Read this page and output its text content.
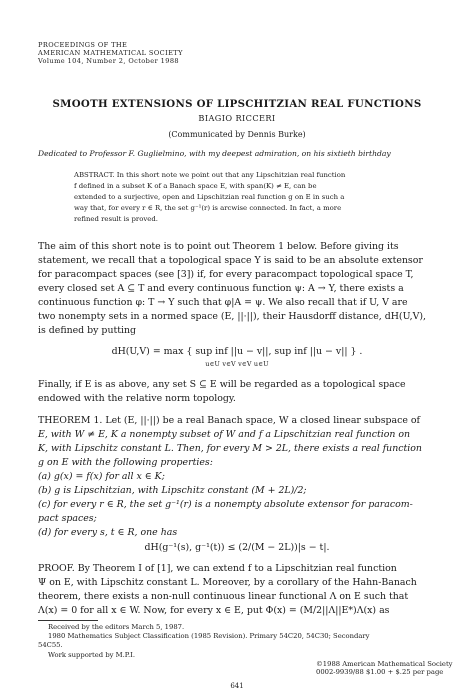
PROCEEDINGS OF THE
AMERICAN MATHEMATICAL SOCIETY
Volume 104, Number 2, October 1988
SMOOTH EXTENSIONS OF LIPSCHITZIAN REAL FUNCTIONS
BIAGIO RICCERI
(Communicated by Dennis Burke)
Dedicated to Professor F. Guglielmino, with my deepest admiration, on his sixtieth birthday
ABSTRACT. In this short note we point out that any Lipschitzian real function
f defined in a subset K of a Banach space E, with span(K) ≠ E, can be
extended to a surjective, open and Lipschitzian real function g on E in such a
way that, for every r ∈ R, the set g⁻¹(r) is arcwise connected. In fact, a more
refined result is proved.
The aim of this short note is to point out Theorem 1 below. Before giving its
statement, we recall that a topological space Y is said to be an absolute extensor
for paracompact spaces (see [3]) if, for every paracompact topological space T,
every closed set A ⊆ T and every continuous function ψ: A → Y, there exists a
continuous function φ: T → Y such that φ|A = ψ. We also recall that if U, V are
two nonempty sets in a normed space (E, ||·||), their Hausdorff distance, dH(U,V),
is defined by putting
dH(U,V) = max { sup inf ||u − v||, sup inf ||u − v|| } .
u∈U v∈V v∈V u∈U
Finally, if E is as above, any set S ⊆ E will be regarded as a topological space
endowed with the relative norm topology.
THEOREM 1. Let (E, ||·||) be a real Banach space, W a closed linear subspace of
E, with W ≠ E, K a nonempty subset of W and f a Lipschitzian real function on
K, with Lipschitz constant L. Then, for every M > 2L, there exists a real function
g on E with the following properties:
(a) g(x) = f(x) for all x ∈ K;
(b) g is Lipschitzian, with Lipschitz constant (M + 2L)/2;
(c) for every r ∈ R, the set g⁻¹(r) is a nonempty absolute extensor for paracom-
pact spaces;
(d) for every s, t ∈ R, one has
dH(g⁻¹(s), g⁻¹(t)) ≤ (2/(M − 2L))|s − t|.
PROOF. By Theorem I of [1], we can extend f to a Lipschitzian real function
Ψ on E, with Lipschitz constant L. Moreover, by a corollary of the Hahn-Banach
theorem, there exists a non-null continuous linear functional Λ on E such that
Λ(x) = 0 for all x ∈ W. Now, for every x ∈ E, put Φ(x) = (M/2||Λ||E*)Λ(x) as
Received by the editors March 5, 1987.
1980 Mathematics Subject Classification (1985 Revision). Primary 54C20, 54C30; Secondary
54C55.
Work supported by M.P.I.
©1988 American Mathematical Society
0002-9939/88 $1.00 + $.25 per page
641
